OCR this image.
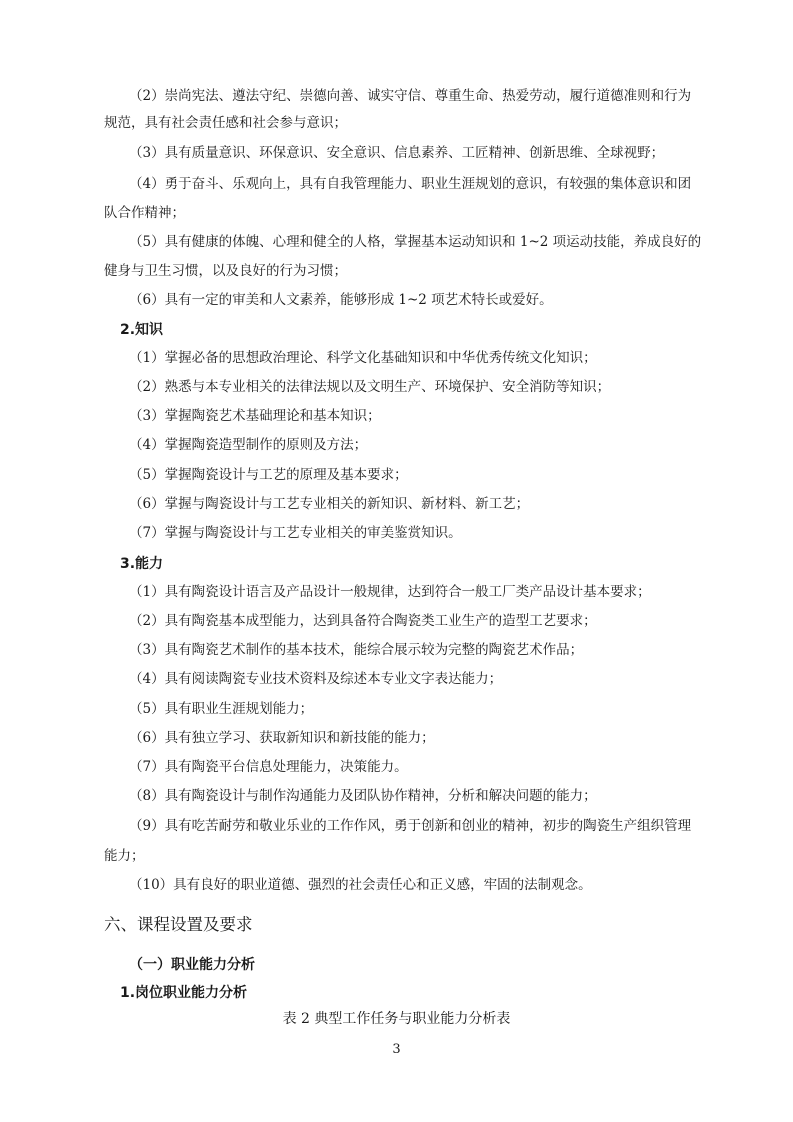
（2）崇尚宪法、遵法守纪、崇德向善、诚实守信、尊重生命、热爱劳动，履行道德准则和行为
规范，具有社会责任感和社会参与意识；
（3）具有质量意识、环保意识、安全意识、信息素养、工匠精神、创新思维、全球视野；
（4）勇于奋斗、乐观向上，具有自我管理能力、职业生涯规划的意识，有较强的集体意识和团
队合作精神；
（5）具有健康的体魄、心理和健全的人格，掌握基本运动知识和 1~2 项运动技能，养成良好的
健身与卫生习惯，以及良好的行为习惯；
（6）具有一定的审美和人文素养，能够形成 1~2 项艺术特长或爱好。
2.知识
（1）掌握必备的思想政治理论、科学文化基础知识和中华优秀传统文化知识；
（2）熟悉与本专业相关的法律法规以及文明生产、环境保护、安全消防等知识；
（3）掌握陶瓷艺术基础理论和基本知识；
（4）掌握陶瓷造型制作的原则及方法；
（5）掌握陶瓷设计与工艺的原理及基本要求；
（6）掌握与陶瓷设计与工艺专业相关的新知识、新材料、新工艺；
（7）掌握与陶瓷设计与工艺专业相关的审美鉴赏知识。
3.能力
（1）具有陶瓷设计语言及产品设计一般规律，达到符合一般工厂类产品设计基本要求；
（2）具有陶瓷基本成型能力，达到具备符合陶瓷类工业生产的造型工艺要求；
（3）具有陶瓷艺术制作的基本技术，能综合展示较为完整的陶瓷艺术作品；
（4）具有阅读陶瓷专业技术资料及综述本专业文字表达能力；
（5）具有职业生涯规划能力；
（6）具有独立学习、获取新知识和新技能的能力；
（7）具有陶瓷平台信息处理能力，决策能力。
（8）具有陶瓷设计与制作沟通能力及团队协作精神，分析和解决问题的能力；
（9）具有吃苦耐劳和敬业乐业的工作作风，勇于创新和创业的精神，初步的陶瓷生产组织管理
能力；
（10）具有良好的职业道德、强烈的社会责任心和正义感，牢固的法制观念。
六、课程设置及要求
（一）职业能力分析
1.岗位职业能力分析
表 2 典型工作任务与职业能力分析表
3
